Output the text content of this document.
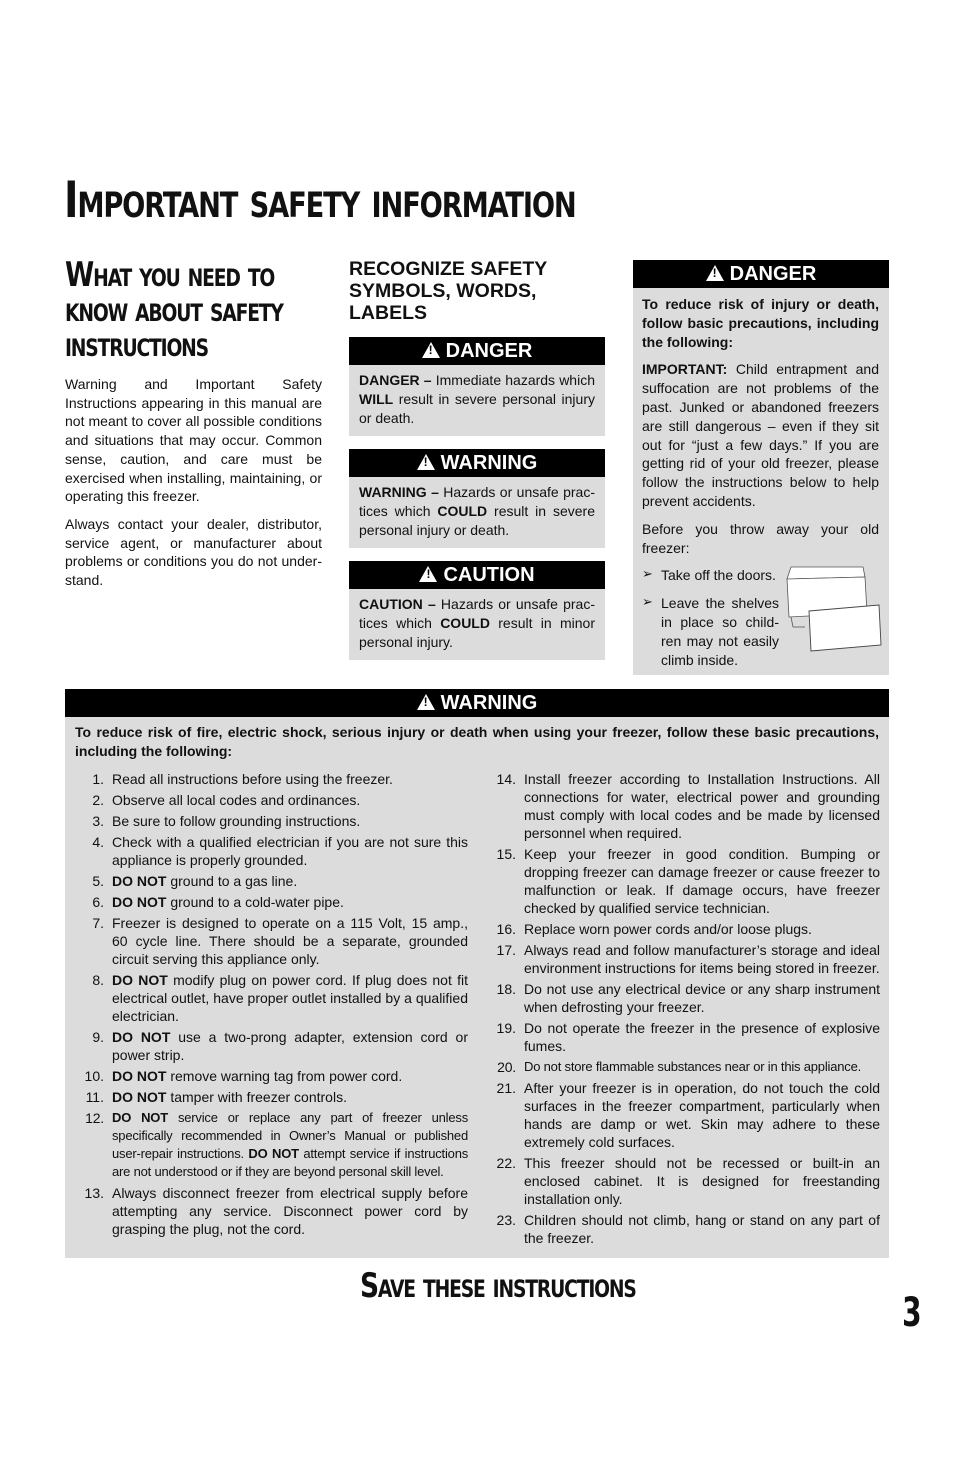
Important safety information
What you need to know about safety instructions

Warning and Important Safety Instructions appearing in this manual are not meant to cover all possible conditions and situations that may occur. Common sense, caution, and care must be exercised when installing, maintaining, or operating this freezer.

Always contact your dealer, distributor, service agent, or manufacturer about problems or conditions you do not understand.

RECOGNIZE SAFETY SYMBOLS, WORDS, LABELS
!
DANGER
DANGER – Immediate hazards which WILL result in severe personal injury or death.
!
WARNING
WARNING – Hazards or unsafe practices which COULD result in severe personal injury or death.
!
CAUTION
CAUTION – Hazards or unsafe practices which COULD result in minor personal injury.
!
DANGER

To reduce risk of injury or death, follow basic precautions, including the following:

IMPORTANT: Child entrapment and suffocation are not problems of the past. Junked or abandoned freezers are still dangerous – even if they sit out for “just a few days.” If you are getting rid of your old freezer, please follow the instructions below to help prevent accidents.

Before you throw away your old freezer:

➢ Take off the doors.
➢ Leave the shelves in place so children may not easily climb inside.
!
WARNING

To reduce risk of fire, electric shock, serious injury or death when using your freezer, follow these basic precautions, including the following:

1. Read all instructions before using the freezer.
2. Observe all local codes and ordinances.
3. Be sure to follow grounding instructions.
4. Check with a qualified electrician if you are not sure this appliance is properly grounded.
5. DO NOT ground to a gas line.
6. DO NOT ground to a cold-water pipe.
7. Freezer is designed to operate on a 115 Volt, 15 amp., 60 cycle line. There should be a separate, grounded circuit serving this appliance only.
8. DO NOT modify plug on power cord. If plug does not fit electrical outlet, have proper outlet installed by a qualified electrician.
9. DO NOT use a two-prong adapter, extension cord or power strip.
10. DO NOT remove warning tag from power cord.
11. DO NOT tamper with freezer controls.
12. DO NOT service or replace any part of freezer unless specifically recommended in Owner’s Manual or published user-repair instructions. DO NOT attempt service if instructions are not understood or if they are beyond personal skill level.
13. Always disconnect freezer from electrical supply before attempting any service. Disconnect power cord by grasping the plug, not the cord.
14. Install freezer according to Installation Instructions. All connections for water, electrical power and grounding must comply with local codes and be made by licensed personnel when required.
15. Keep your freezer in good condition. Bumping or dropping freezer can damage freezer or cause freezer to malfunction or leak. If damage occurs, have freezer checked by qualified service technician.
16. Replace worn power cords and/or loose plugs.
17. Always read and follow manufacturer’s storage and ideal environment instructions for items being stored in freezer.
18. Do not use any electrical device or any sharp instrument when defrosting your freezer.
19. Do not operate the freezer in the presence of explosive fumes.
20. Do not store flammable substances near or in this appliance.
21. After your freezer is in operation, do not touch the cold surfaces in the freezer compartment, particularly when hands are damp or wet. Skin may adhere to these extremely cold surfaces.
22. This freezer should not be recessed or built-in an enclosed cabinet. It is designed for freestanding installation only.
23. Children should not climb, hang or stand on any part of the freezer.
Save these instructions
3
